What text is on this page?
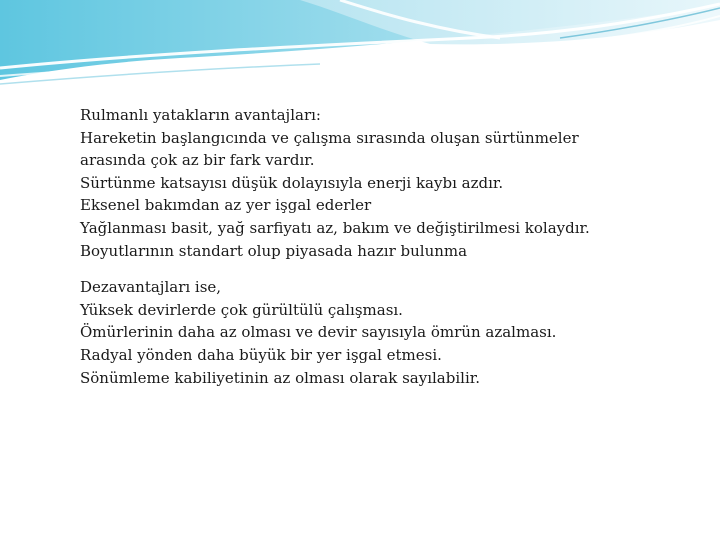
Rulmanlı yatakların avantajları:
Hareketin başlangıcında ve çalışma sırasında oluşan sürtünmeler
arasında çok az bir fark vardır.
Sürtünme katsayısı düşük dolayısıyla enerji kaybı azdır.
Eksenel bakımdan az yer işgal ederler
Yağlanması basit, yağ sarfiyatı az, bakım ve değiştirilmesi kolaydır.
Boyutlarının standart olup piyasada hazır bulunma

Dezavantajları ise,
Yüksek devirlerde çok gürültülü çalışması.
Ömürlerinin daha az olması ve devir sayısıyla ömrün azalması.
Radyal yönden daha büyük bir yer işgal etmesi.
Sönümleme kabiliyetinin az olması olarak sayılabilir.
